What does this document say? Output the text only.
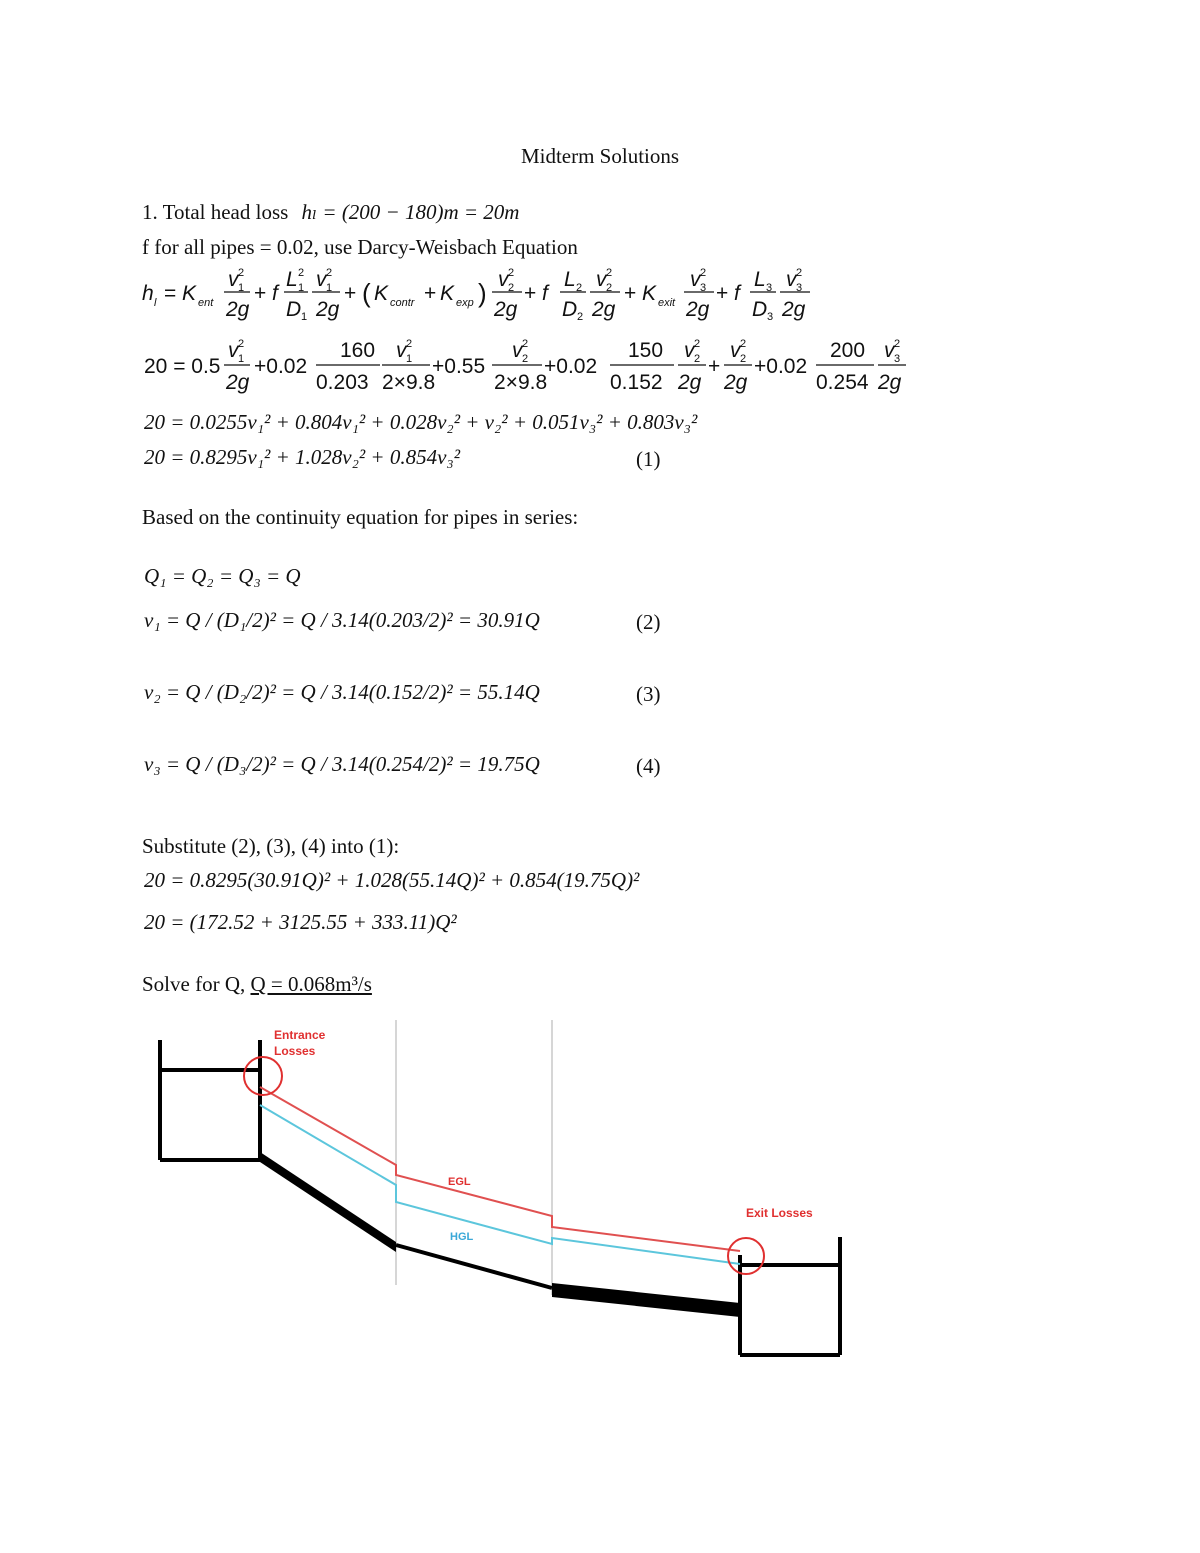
Midterm Solutions
1. Total head loss hₗ = (200 − 180)m = 20m
f for all pipes = 0.02, use Darcy-Weisbach Equation
h l = K ent
v 2
1
2g
+ f
L 2
1
D 1
v 2
1
2g
+ ( K contr + K exp ) v 2
2
2g
+ f
L 2
D 2
v 2
2
2g
+ K exit
v 2
3
2g
+ f
L 3
D 3
v 2
3
2g
20 = 0.5
v 2
1
2g
+0.02
160
0.203
v 2
1
2×9.8
+0.55
v 2
2
2×9.8
+0.02
150
0.152
v 2
2
2g
+
v 2
2
2g
+0.02
200
0.254
v 2
3
2g
20 = 0.0255v₁² + 0.804v₁² + 0.028v₂² + v₂² + 0.051v₃² + 0.803v₃²
20 = 0.8295v₁² + 1.028v₂² + 0.854v₃²	(1)
Based on the continuity equation for pipes in series:
Q₁ = Q₂ = Q₃ = Q
v₁ = Q / (D₁/2)² = Q / 3.14(0.203/2)² = 30.91Q	(2)
v₂ = Q / (D₂/2)² = Q / 3.14(0.152/2)² = 55.14Q	(3)
v₃ = Q / (D₃/2)² = Q / 3.14(0.254/2)² = 19.75Q	(4)
Substitute (2), (3), (4) into (1):
20 = 0.8295(30.91Q)² + 1.028(55.14Q)² + 0.854(19.75Q)²
20 = (172.52 + 3125.55 + 333.11)Q²
Solve for Q, Q = 0.068m³/s
Entrance
Losses
EGL
HGL
Exit Losses
